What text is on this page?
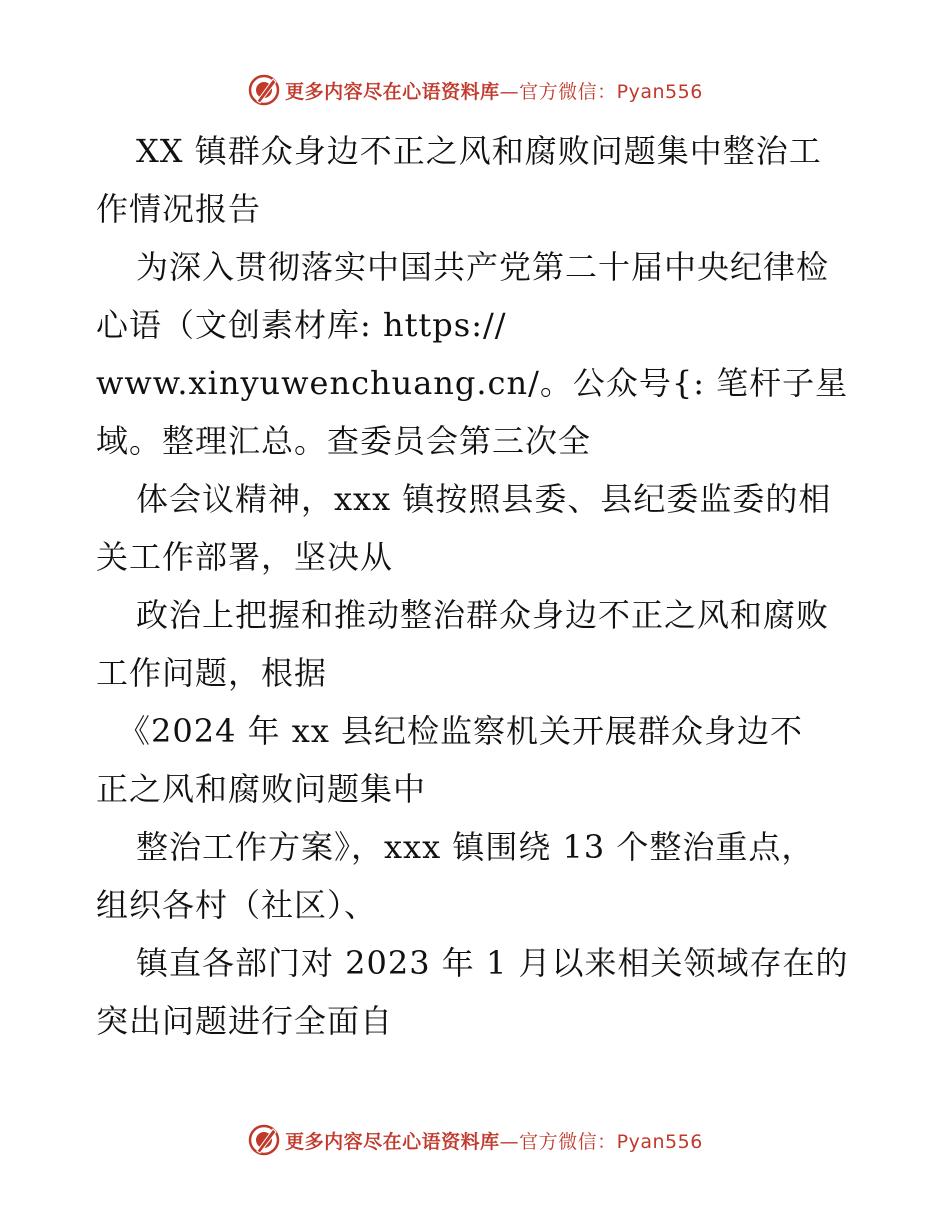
更多内容尽在心语资料库—官方微信：Pyan556
XX 镇群众身边不正之风和腐败问题集中整治工
作情况报告
为深入贯彻落实中国共产党第二十届中央纪律检
心语（文创素材库: https://
www.xinyuwenchuang.cn/。公众号{: 笔杆子星
域。整理汇总。查委员会第三次全
体会议精神，xxx 镇按照县委、县纪委监委的相
关工作部署，坚决从
政治上把握和推动整治群众身边不正之风和腐败
工作问题，根据
《2024 年 xx 县纪检监察机关开展群众身边不
正之风和腐败问题集中
整治工作方案》，xxx 镇围绕 13 个整治重点，
组织各村（社区）、
镇直各部门对 2023 年 1 月以来相关领域存在的
突出问题进行全面自
更多内容尽在心语资料库—官方微信：Pyan556
